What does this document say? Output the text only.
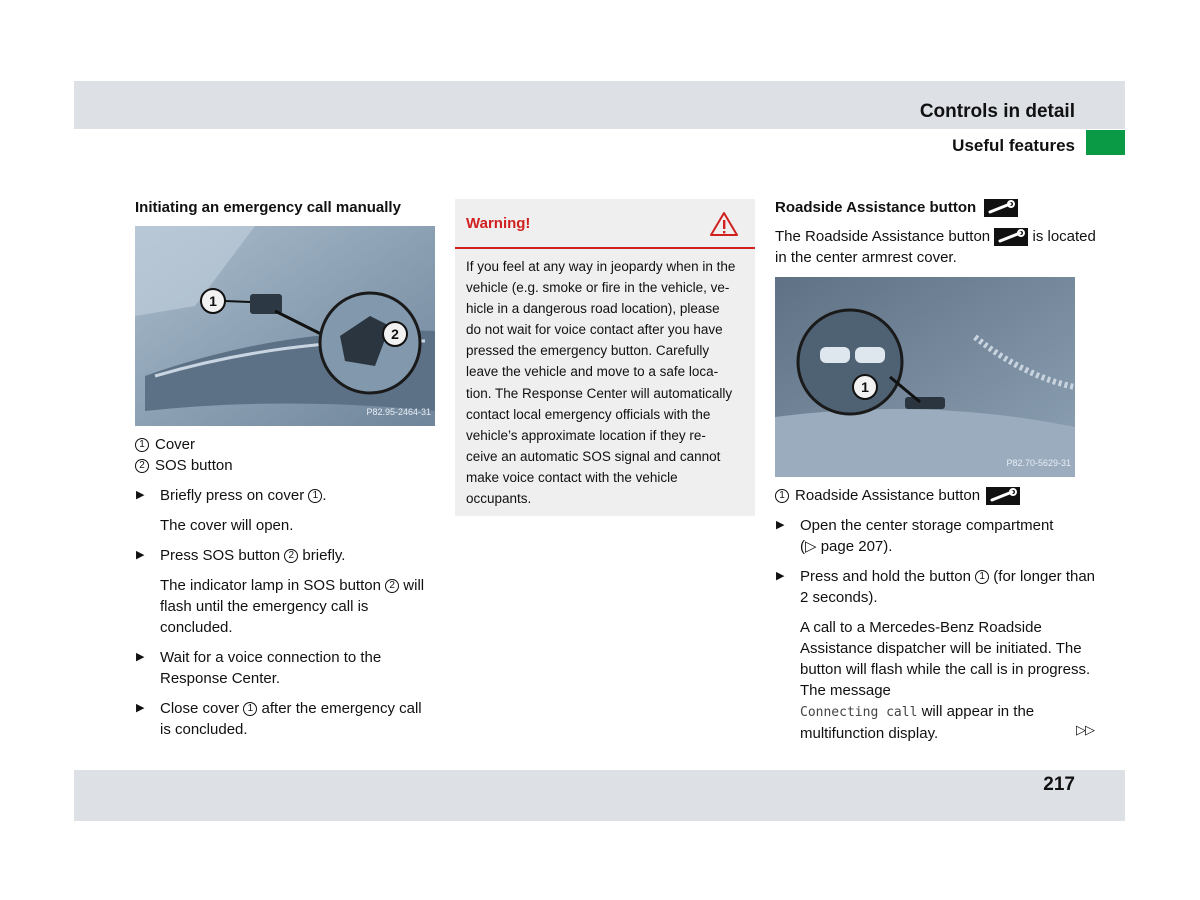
Controls in detail
Useful features
Initiating an emergency call manually
1
2
P82.95-2464-31
1 Cover
2 SOS button
▶ Briefly press on cover 1 .
The cover will open.
▶ Press SOS button 2 briefly.
The indicator lamp in SOS button 2 will flash until the emergency call is concluded.
▶ Wait for a voice connection to the Response Center.
▶ Close cover 1 after the emergency call is concluded.
Warning!
If you feel at any way in jeopardy when in the
vehicle (e.g. smoke or fire in the vehicle, ve-
hicle in a dangerous road location), please
do not wait for voice contact after you have
pressed the emergency button. Carefully
leave the vehicle and move to a safe loca-
tion. The Response Center will automatically
contact local emergency officials with the
vehicle’s approximate location if they re-
ceive an automatic SOS signal and cannot
make voice contact with the vehicle
occupants.
Roadside Assistance button
The Roadside Assistance button	is located in the center armrest cover.
1
P82.70-5629-31
1 Roadside Assistance button
▶ Open the center storage compartment
(▷ page 207).
▶ Press and hold the button 1 (for longer than 2 seconds).
A call to a Mercedes-Benz Roadside Assistance dispatcher will be initiated. The button will flash while the call is in progress. The message
Connecting call will appear in the multifunction display.	▷▷
217
